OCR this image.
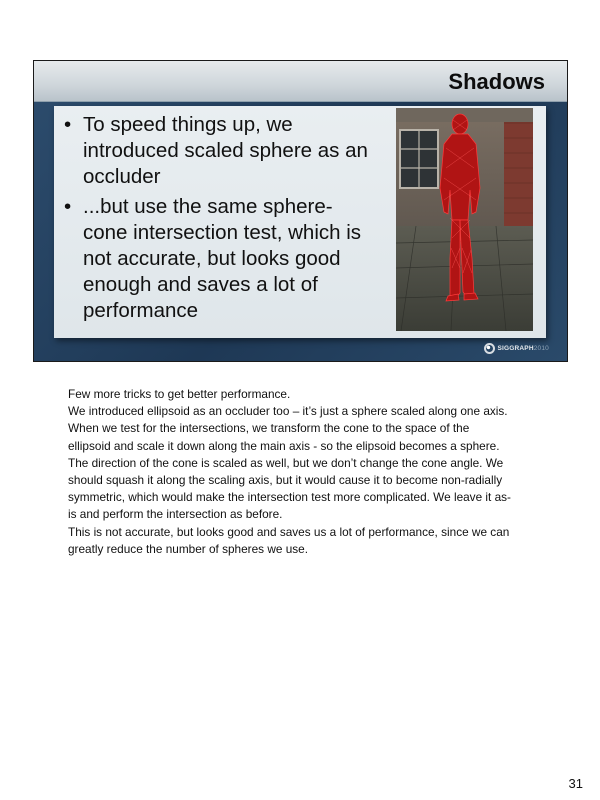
Shadows
• To speed things up, we
introduced scaled sphere as an
occluder
• ...but use the same sphere-
cone intersection test, which is
not accurate, but looks good
enough and saves a lot of
performance
SIGGRAPH 2010

Few more tricks to get better performance.

We introduced ellipsoid as an occluder too – it’s just a sphere scaled along one axis.

When we test for the intersections, we transform the cone to the space of the

ellipsoid and scale it down along the main axis - so the elipsoid becomes a sphere.

The direction of the cone is scaled as well, but we don’t change the cone angle. We

should squash it along the scaling axis, but it would cause it to become non-radially

symmetric, which would make the intersection test more complicated. We leave it as-

is and perform the intersection as before.

This is not accurate, but looks good and saves us a lot of performance, since we can

greatly reduce the number of spheres we use.

31
